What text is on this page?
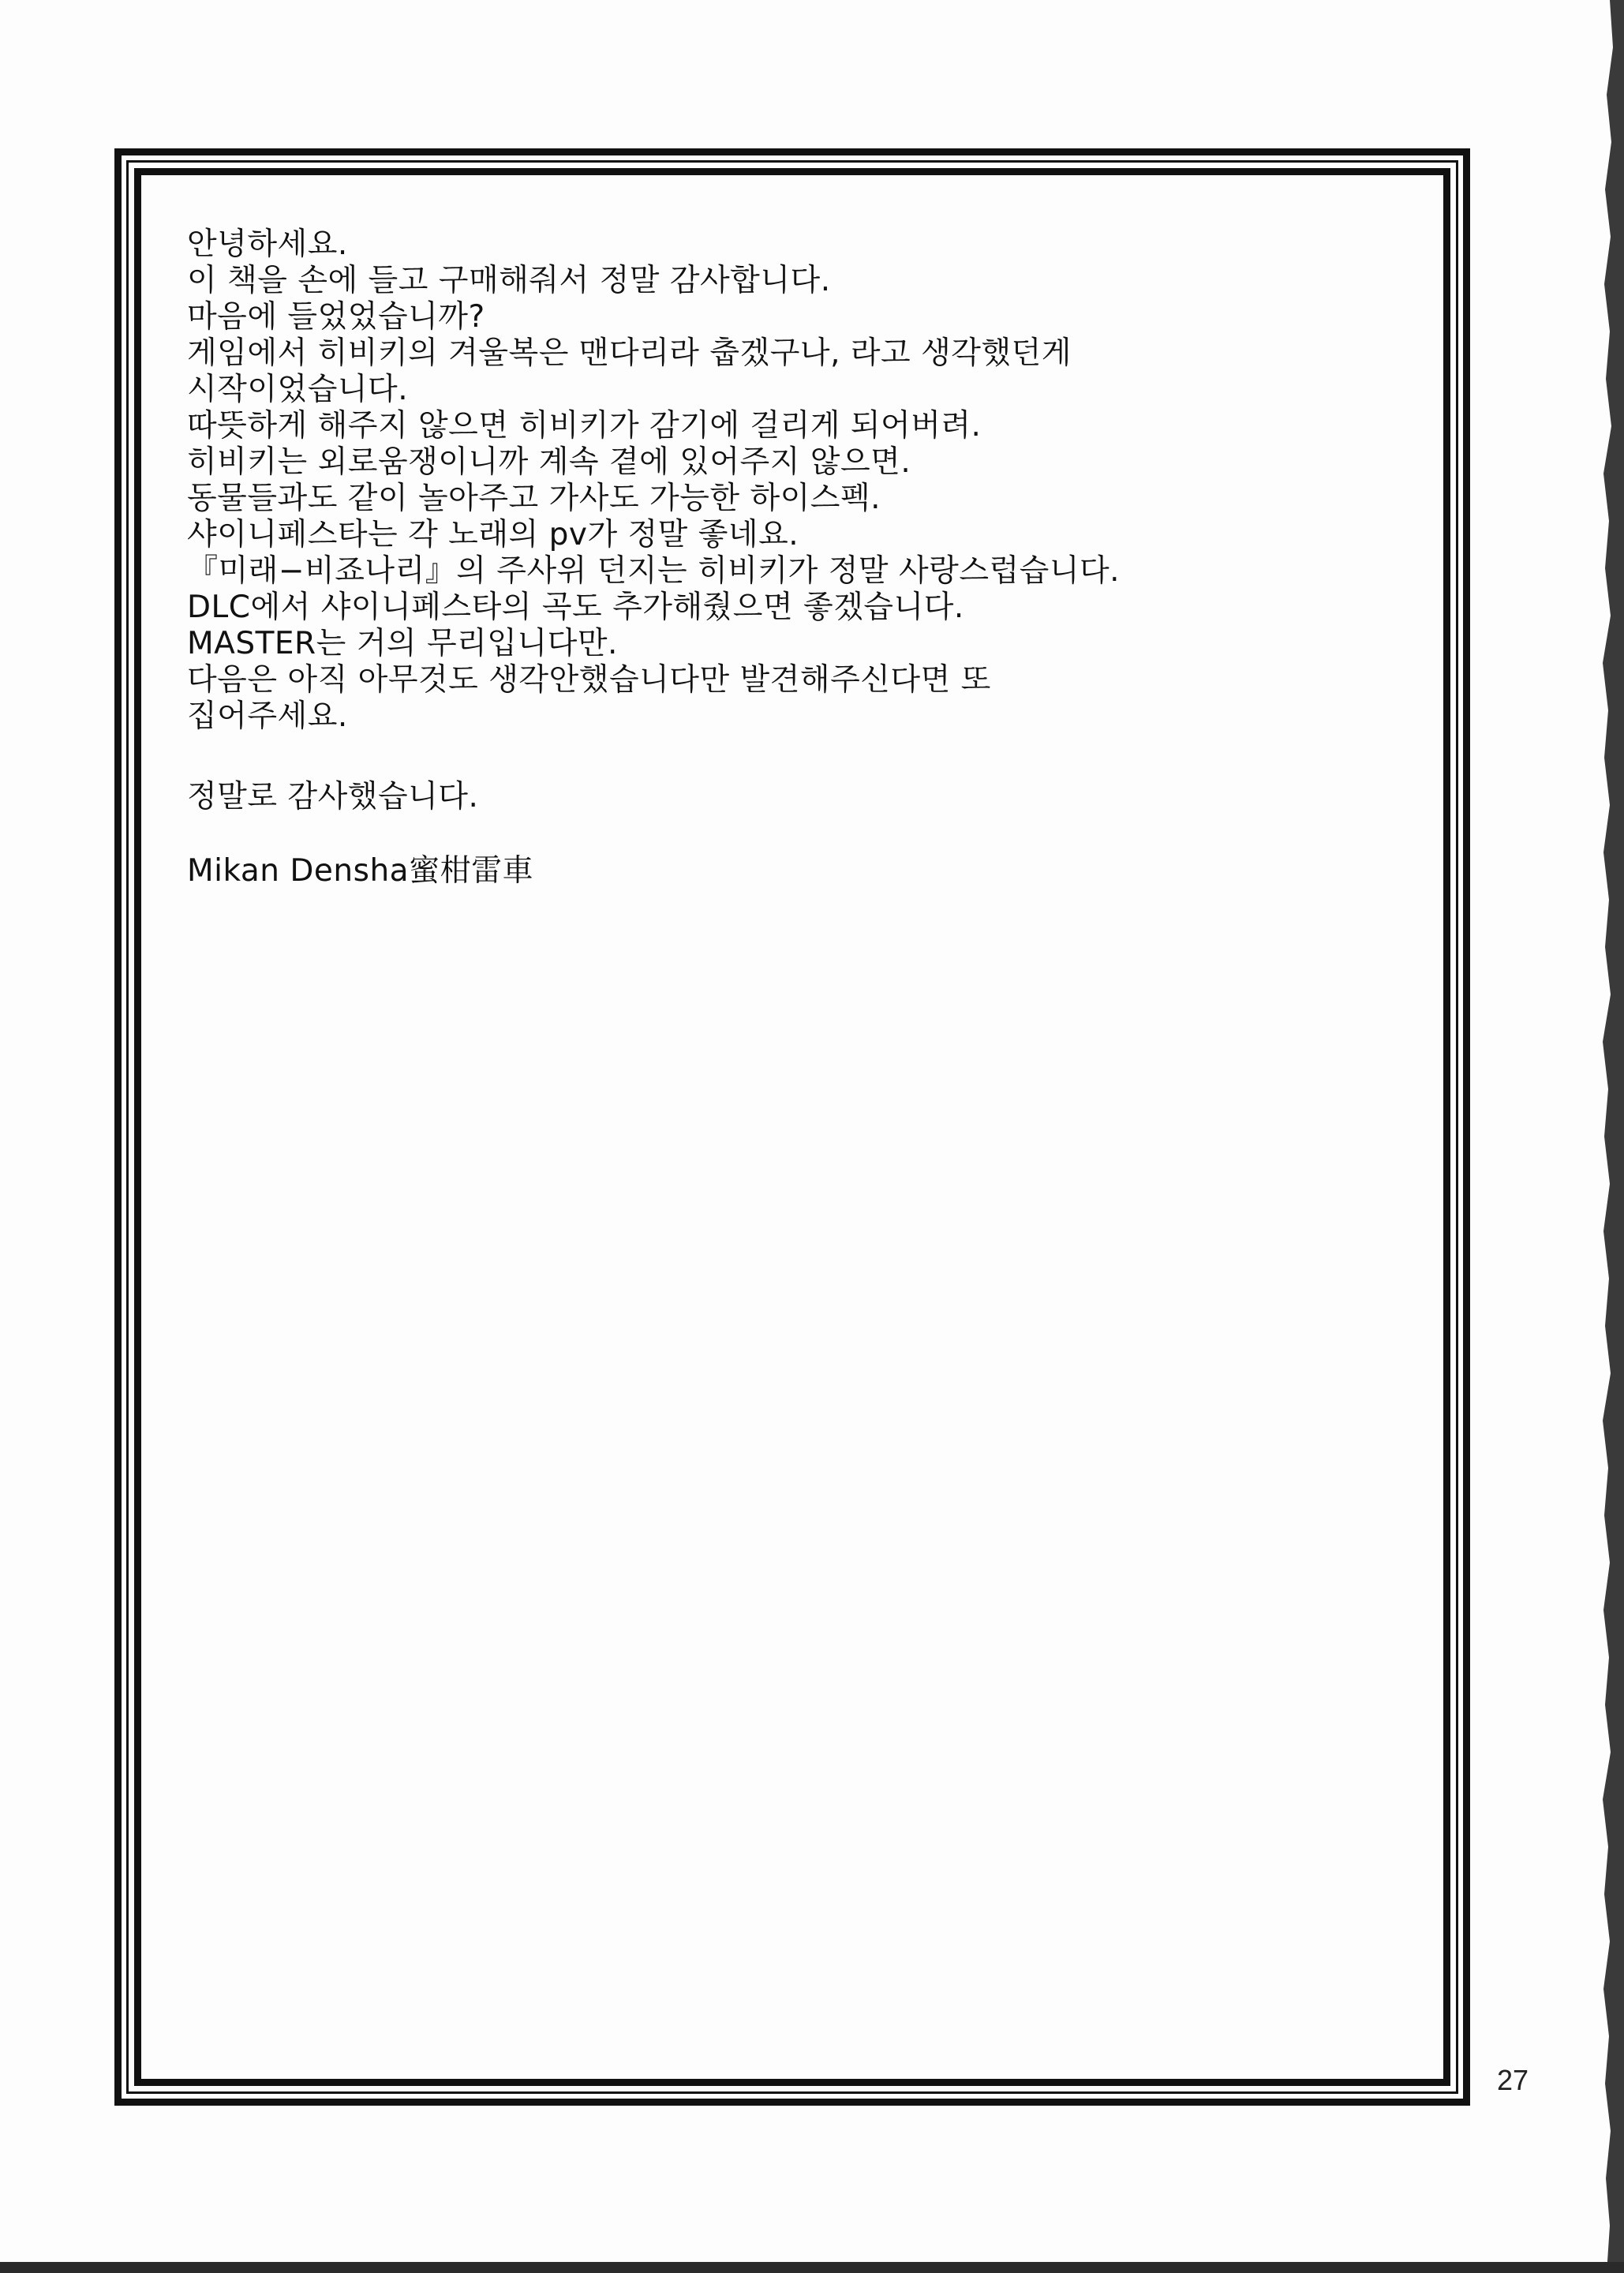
안녕하세요.
이 책을 손에 들고 구매해줘서 정말 감사합니다.
마음에 들었었습니까?
게임에서 히비키의 겨울복은 맨다리라 춥겠구나, 라고 생각했던게
시작이었습니다.
따뜻하게 해주지 않으면 히비키가 감기에 걸리게 되어버려.
히비키는 외로움쟁이니까 계속 곁에 있어주지 않으면.
동물들과도 같이 놀아주고 가사도 가능한 하이스펙.
샤이니페스타는 각 노래의 pv가 정말 좋네요.
『미래−비죠나리』의 주사위 던지는 히비키가 정말 사랑스럽습니다.
DLC에서 샤이니페스타의 곡도 추가해줬으면 좋겠습니다.
MASTER는 거의 무리입니다만.
다음은 아직 아무것도 생각안했습니다만 발견해주신다면 또
집어주세요.
정말로 감사했습니다.
Mikan Densha蜜柑雷車
27
